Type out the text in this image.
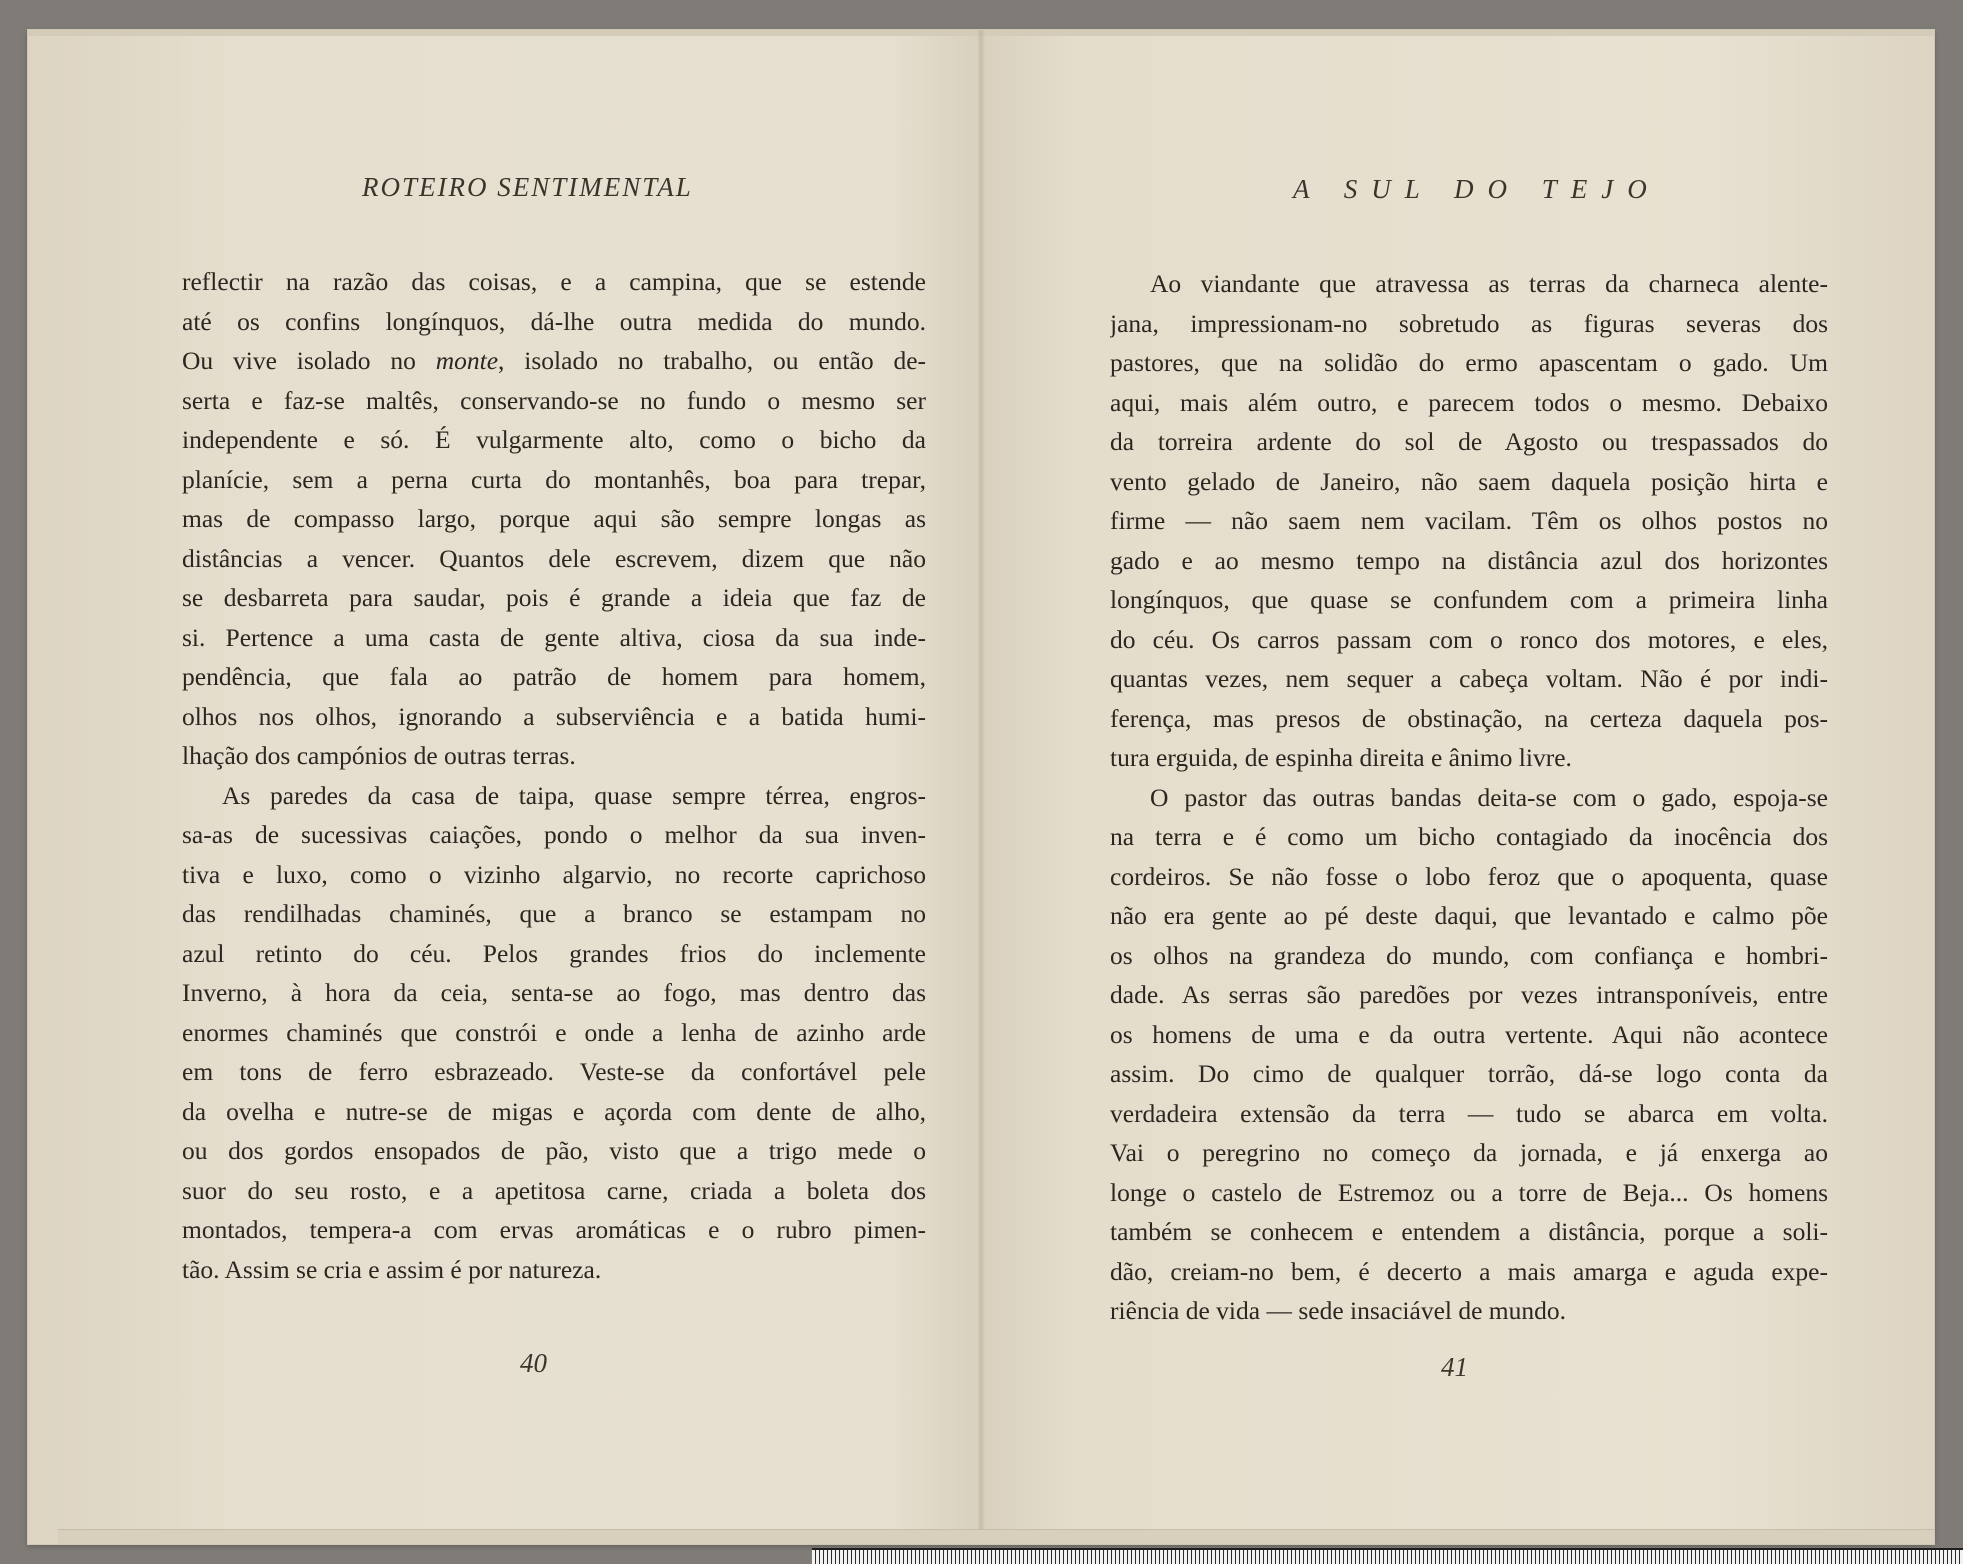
ROTEIRO SENTIMENTAL

reflectir na razão das coisas, e a campina, que se estende
até os confins longínquos, dá-lhe outra medida do mundo.
Ou vive isolado no monte, isolado no trabalho, ou então de-
serta e faz-se maltês, conservando-se no fundo o mesmo ser
independente e só. É vulgarmente alto, como o bicho da
planície, sem a perna curta do montanhês, boa para trepar,
mas de compasso largo, porque aqui são sempre longas as
distâncias a vencer. Quantos dele escrevem, dizem que não
se desbarreta para saudar, pois é grande a ideia que faz de
si. Pertence a uma casta de gente altiva, ciosa da sua inde-
pendência, que fala ao patrão de homem para homem,
olhos nos olhos, ignorando a subserviência e a batida humi-
lhação dos campónios de outras terras.

As paredes da casa de taipa, quase sempre térrea, engros-
sa-as de sucessivas caiações, pondo o melhor da sua inven-
tiva e luxo, como o vizinho algarvio, no recorte caprichoso
das rendilhadas chaminés, que a branco se estampam no
azul retinto do céu. Pelos grandes frios do inclemente
Inverno, à hora da ceia, senta-se ao fogo, mas dentro das
enormes chaminés que constrói e onde a lenha de azinho arde
em tons de ferro esbrazeado. Veste-se da confortável pele
da ovelha e nutre-se de migas e açorda com dente de alho,
ou dos gordos ensopados de pão, visto que a trigo mede o
suor do seu rosto, e a apetitosa carne, criada a boleta dos
montados, tempera-a com ervas aromáticas e o rubro pimen-
tão. Assim se cria e assim é por natureza.

40
A SUL DO TEJO

Ao viandante que atravessa as terras da charneca alente-
jana, impressionam-no sobretudo as figuras severas dos
pastores, que na solidão do ermo apascentam o gado. Um
aqui, mais além outro, e parecem todos o mesmo. Debaixo
da torreira ardente do sol de Agosto ou trespassados do
vento gelado de Janeiro, não saem daquela posição hirta e
firme — não saem nem vacilam. Têm os olhos postos no
gado e ao mesmo tempo na distância azul dos horizontes
longínquos, que quase se confundem com a primeira linha
do céu. Os carros passam com o ronco dos motores, e eles,
quantas vezes, nem sequer a cabeça voltam. Não é por indi-
ferença, mas presos de obstinação, na certeza daquela pos-
tura erguida, de espinha direita e ânimo livre.

O pastor das outras bandas deita-se com o gado, espoja-se
na terra e é como um bicho contagiado da inocência dos
cordeiros. Se não fosse o lobo feroz que o apoquenta, quase
não era gente ao pé deste daqui, que levantado e calmo põe
os olhos na grandeza do mundo, com confiança e hombri-
dade. As serras são paredões por vezes intransponíveis, entre
os homens de uma e da outra vertente. Aqui não acontece
assim. Do cimo de qualquer torrão, dá-se logo conta da
verdadeira extensão da terra — tudo se abarca em volta.
Vai o peregrino no começo da jornada, e já enxerga ao
longe o castelo de Estremoz ou a torre de Beja... Os homens
também se conhecem e entendem a distância, porque a soli-
dão, creiam-no bem, é decerto a mais amarga e aguda expe-
riência de vida — sede insaciável de mundo.

41
